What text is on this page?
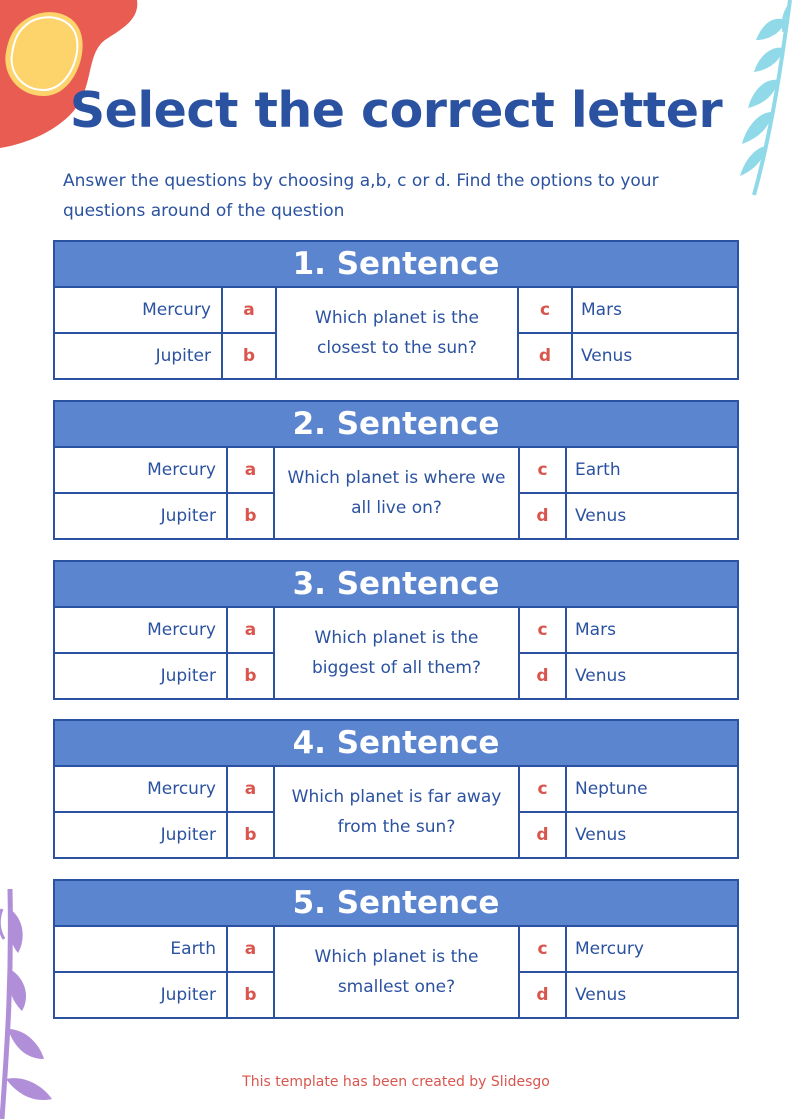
Select the correct letter

Answer the questions by choosing a,b, c or d. Find the options to your questions around of the question

1. Sentence
Mercury
Jupiter
a
b
Which planet is the closest to the sun?
c
d
Mars
Venus
2. Sentence
Mercury
Jupiter
a
b
Which planet is where we all live on?
c
d
Earth
Venus
3. Sentence
Mercury
Jupiter
a
b
Which planet is the biggest of all them?
c
d
Mars
Venus
4. Sentence
Mercury
Jupiter
a
b
Which planet is far away from the sun?
c
d
Neptune
Venus
5. Sentence
Earth
Jupiter
a
b
Which planet is the smallest one?
c
d
Mercury
Venus
This template has been created by Slidesgo
